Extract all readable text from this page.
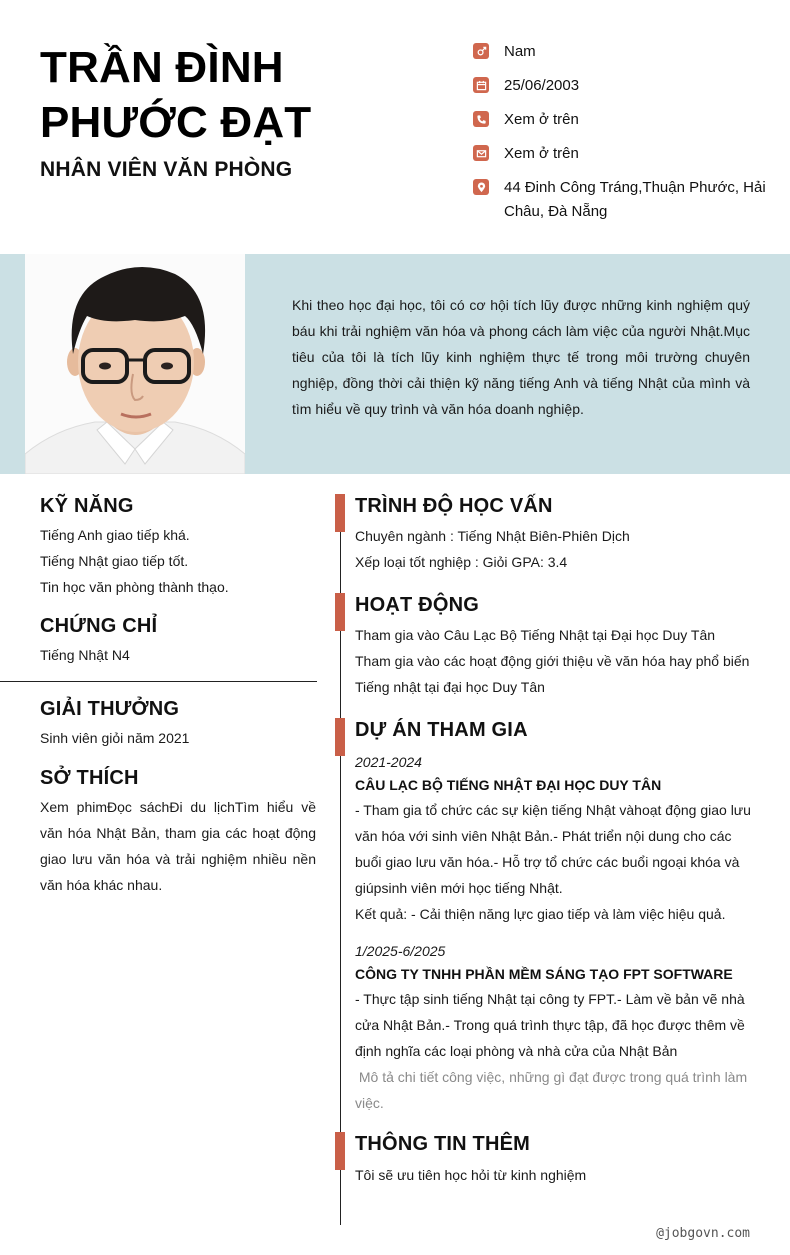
TRẦN ĐÌNH PHƯỚC ĐẠT
NHÂN VIÊN VĂN PHÒNG
Nam
25/06/2003
Xem ở trên
Xem ở trên
44 Đinh Công Tráng,Thuận Phước, Hải Châu, Đà Nẵng
Khi theo học đại học, tôi có cơ hội tích lũy được những kinh nghiệm quý báu khi trải nghiệm văn hóa và phong cách làm việc của người Nhật.Mục tiêu của tôi là tích lũy kinh nghiệm thực tế trong môi trường chuyên nghiệp, đồng thời cải thiện kỹ năng tiếng Anh và tiếng Nhật của mình và tìm hiểu về quy trình và văn hóa doanh nghiệp.
KỸ NĂNG
Tiếng Anh giao tiếp khá.
Tiếng Nhật giao tiếp tốt.
Tin học văn phòng thành thạo.
CHỨNG CHỈ
Tiếng Nhật N4
GIẢI THƯỞNG
Sinh viên giỏi năm 2021
SỞ THÍCH
Xem phimĐọc sáchĐi du lịchTìm hiểu về văn hóa Nhật Bản, tham gia các hoạt động giao lưu văn hóa và trải nghiệm nhiều nền văn hóa khác nhau.
TRÌNH ĐỘ HỌC VẤN
Chuyên ngành : Tiếng Nhật Biên-Phiên Dịch
Xếp loại tốt nghiệp : Giỏi GPA: 3.4
HOẠT ĐỘNG
Tham gia vào Câu Lạc Bộ Tiếng Nhật tại Đại học Duy Tân
Tham gia vào các hoạt động giới thiệu về văn hóa hay phổ biến Tiếng nhật tại đại học Duy Tân
DỰ ÁN THAM GIA
2021-2024
CÂU LẠC BỘ TIẾNG NHẬT ĐẠI HỌC DUY TÂN
- Tham gia tổ chức các sự kiện tiếng Nhật vàhoạt động giao lưu văn hóa với sinh viên Nhật Bản.- Phát triển nội dung cho các buổi giao lưu văn hóa.- Hỗ trợ tổ chức các buổi ngoại khóa và giúpsinh viên mới học tiếng Nhật.
Kết quả: - Cải thiện năng lực giao tiếp và làm việc hiệu quả.
1/2025-6/2025
CÔNG TY TNHH PHẦN MỀM SÁNG TẠO FPT SOFTWARE
- Thực tập sinh tiếng Nhật tại công ty FPT.- Làm về bản vẽ nhà cửa Nhật Bản.- Trong quá trình thực tập, đã học được thêm về định nghĩa các loại phòng và nhà cửa của Nhật Bản
Mô tả chi tiết công việc, những gì đạt được trong quá trình làm việc.
THÔNG TIN THÊM
Tôi sẽ ưu tiên học hỏi từ kinh nghiệm
@jobgovn.com
